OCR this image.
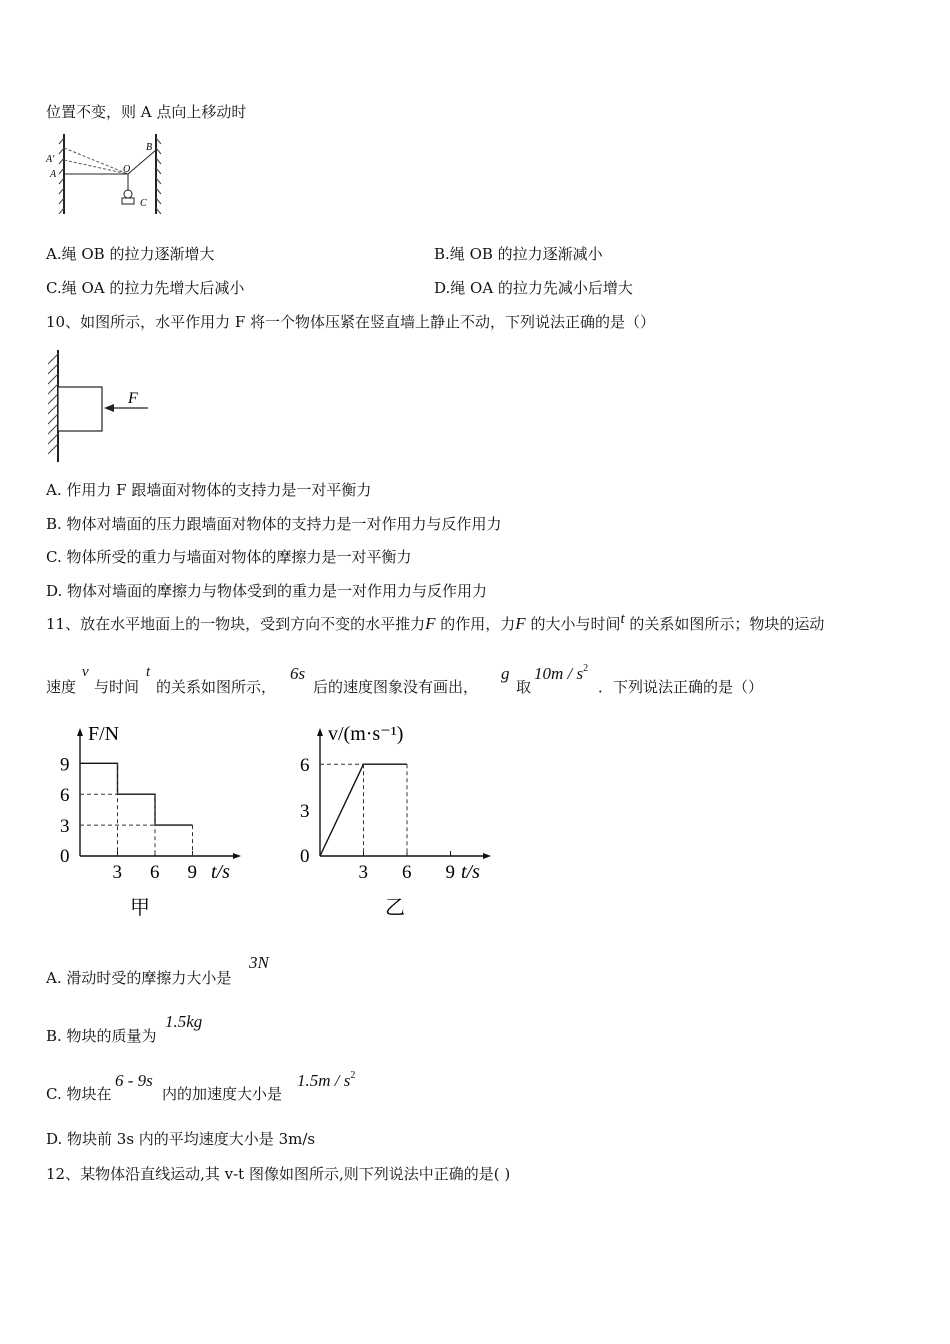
位置不变，则 A 点向上移动时
A'
A	O
B
C
A.绳 OB 的拉力逐渐增大	B.绳 OB 的拉力逐渐减小
C.绳 OA 的拉力先增大后减小	D.绳 OA 的拉力先减小后增大
10、如图所示，水平作用力 F 将一个物体压紧在竖直墙上静止不动，下列说法正确的是（）
F
A. 作用力 F 跟墙面对物体的支持力是一对平衡力
B. 物体对墙面的压力跟墙面对物体的支持力是一对作用力与反作用力
C. 物体所受的重力与墙面对物体的摩擦力是一对平衡力
D. 物体对墙面的摩擦力与物体受到的重力是一对作用力与反作用力
11、放在水平地面上的一物块，受到方向不变的水平推力F 的作用，力F 的大小与时间t 的关系如图所示；物块的运动
速度
v
与时间
t
的关系如图所示，
6s
后的速度图象没有画出，
g
取
$10m / s^2$
．下列说法正确的是（）
F/N
t/s
0
甲
3 6 9
3
6
9
v/(m·s⁻¹)
t/s
0
乙
3 6 9
3
6
A. 滑动时受的摩擦力大小是
3N
B. 物块的质量为
1.5kg
C. 物块在
6 - 9s
内的加速度大小是
$1.5m / s^2$
D. 物块前 3s 内的平均速度大小是 3m/s
12、某物体沿直线运动,其 v-t 图像如图所示,则下列说法中正确的是( )
